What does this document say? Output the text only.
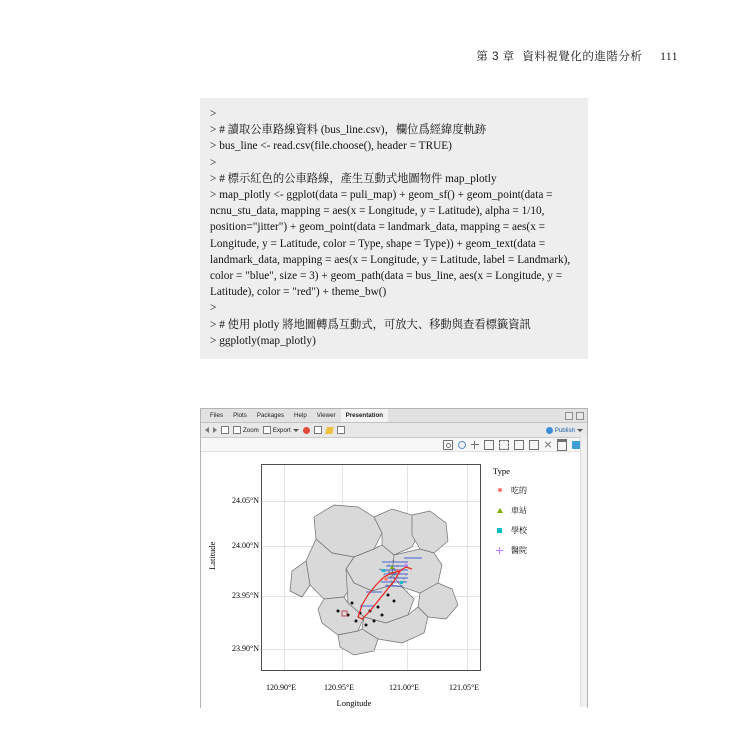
第 3 章 資料視覺化的進階分析 111
>
> # 讀取公車路線資料 (bus_line.csv)，欄位爲經緯度軌跡
> bus_line <- read.csv(file.choose(), header = TRUE)
>
> # 標示紅色的公車路線，產生互動式地圖物件 map_plotly
> map_plotly <- ggplot(data = puli_map) + geom_sf() + geom_point(data = ncnu_stu_data, mapping = aes(x = Longitude, y = Latitude), alpha = 1/10, position="jitter") + geom_point(data = landmark_data, mapping = aes(x = Longitude, y = Latitude, color = Type, shape = Type)) + geom_text(data = landmark_data, mapping = aes(x = Longitude, y = Latitude, label = Landmark), color = "blue", size = 3) + geom_path(data = bus_line, aes(x = Longitude, y = Latitude), color = "red") + theme_bw()
>
> # 使用 plotly 將地圖轉爲互動式，可放大、移動與查看標籤資訊
> ggplotly(map_plotly)
Files	Plots	Packages	Help	Viewer	Presentation
Zoom Export	Publish
Latitude
24.05°N
24.00°N
23.95°N
23.90°N
120.90°E	120.95°E	121.00°E	121.05°E
Longitude
Type
吃的
車站
學校
醫院
